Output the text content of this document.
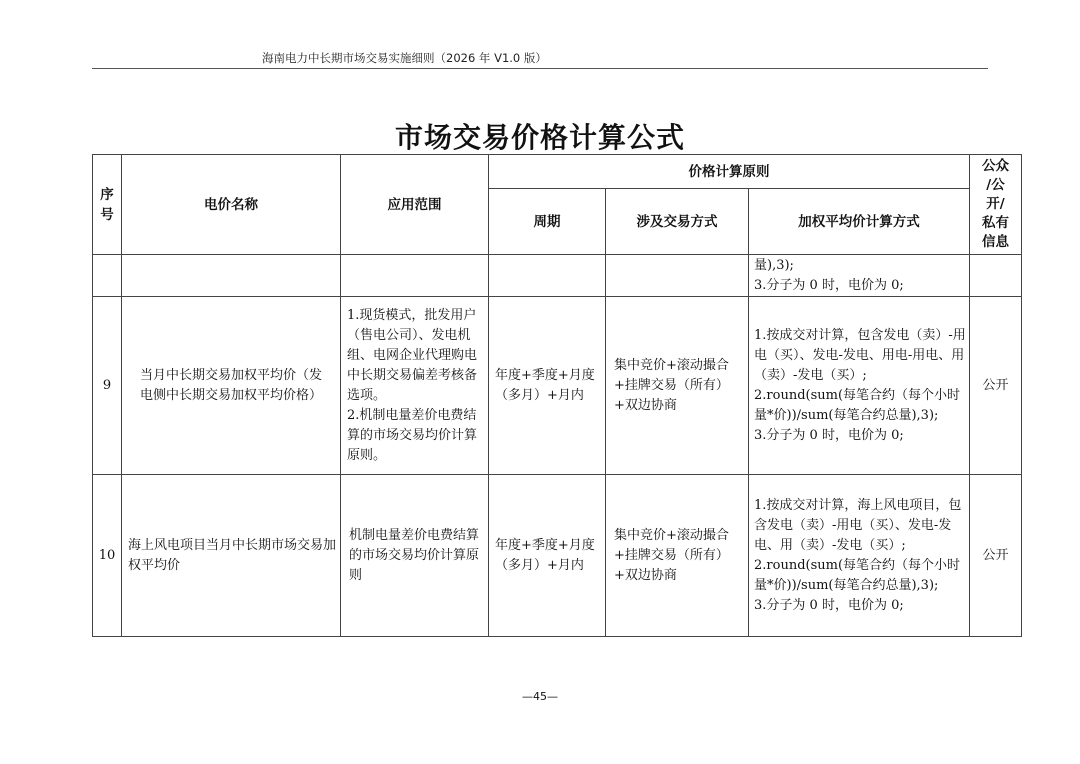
海南电力中长期市场交易实施细则（2026 年 V1.0 版）
市场交易价格计算公式
序
号	电价名称	应用范围	价格计算原则			公众
/公
开/
私有
信息
			周期	涉及交易方式	加权平均价计算方式	
					量),3);
3.分子为 0 时，电价为 0;	
9	当月中长期交易加权平均价（发电侧中长期交易加权平均价格）	1.现货模式，批发用户（售电公司）、发电机组、电网企业代理购电中长期交易偏差考核备选项。
2.机制电量差价电费结算的市场交易均价计算原则。	年度+季度+月度（多月）+月内	集中竞价+滚动撮合+挂牌交易（所有）+双边协商	1.按成交对计算，包含发电（卖）-用电（买）、发电-发电、用电-用电、用（卖）-发电（买）;
2.round(sum(每笔合约（每个小时量*价))/sum(每笔合约总量),3);
3.分子为 0 时，电价为 0;	公开
10	海上风电项目当月中长期市场交易加权平均价	机制电量差价电费结算的市场交易均价计算原则	年度+季度+月度（多月）+月内	集中竞价+滚动撮合+挂牌交易（所有）+双边协商	1.按成交对计算，海上风电项目，包含发电（卖）-用电（买）、发电-发电、用（卖）-发电（买）;
2.round(sum(每笔合约（每个小时量*价))/sum(每笔合约总量),3);
3.分子为 0 时，电价为 0;	公开
—45—
